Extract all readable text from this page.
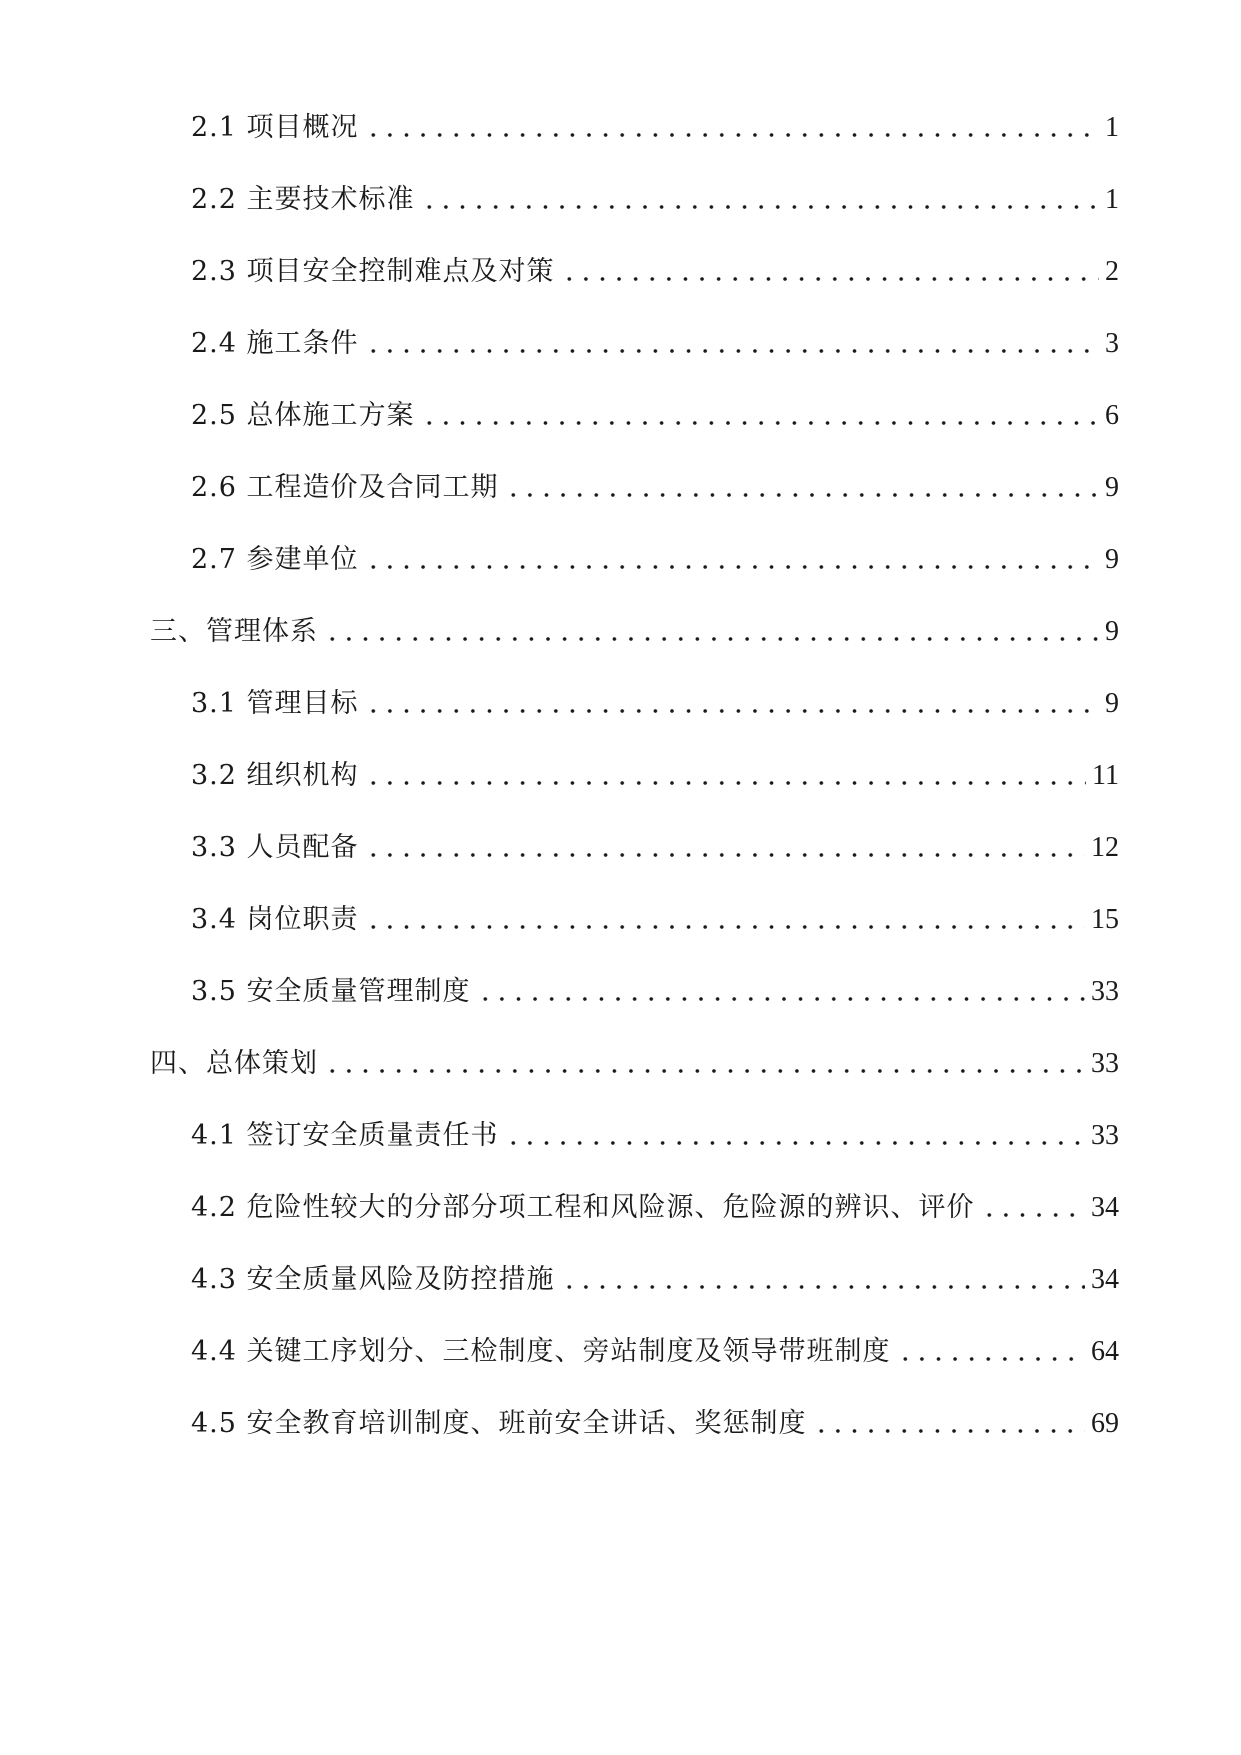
2.1 项目概况	1
2.2 主要技术标准	1
2.3 项目安全控制难点及对策	2
2.4 施工条件	3
2.5 总体施工方案	6
2.6 工程造价及合同工期	9
2.7 参建单位	9
三、管理体系	9
3.1 管理目标	9
3.2 组织机构	11
3.3 人员配备	12
3.4 岗位职责	15
3.5 安全质量管理制度	33
四、总体策划	33
4.1 签订安全质量责任书	33
4.2 危险性较大的分部分项工程和风险源、危险源的辨识、评价	34
4.3 安全质量风险及防控措施	34
4.4 关键工序划分、三检制度、旁站制度及领导带班制度	64
4.5 安全教育培训制度、班前安全讲话、奖惩制度	69
